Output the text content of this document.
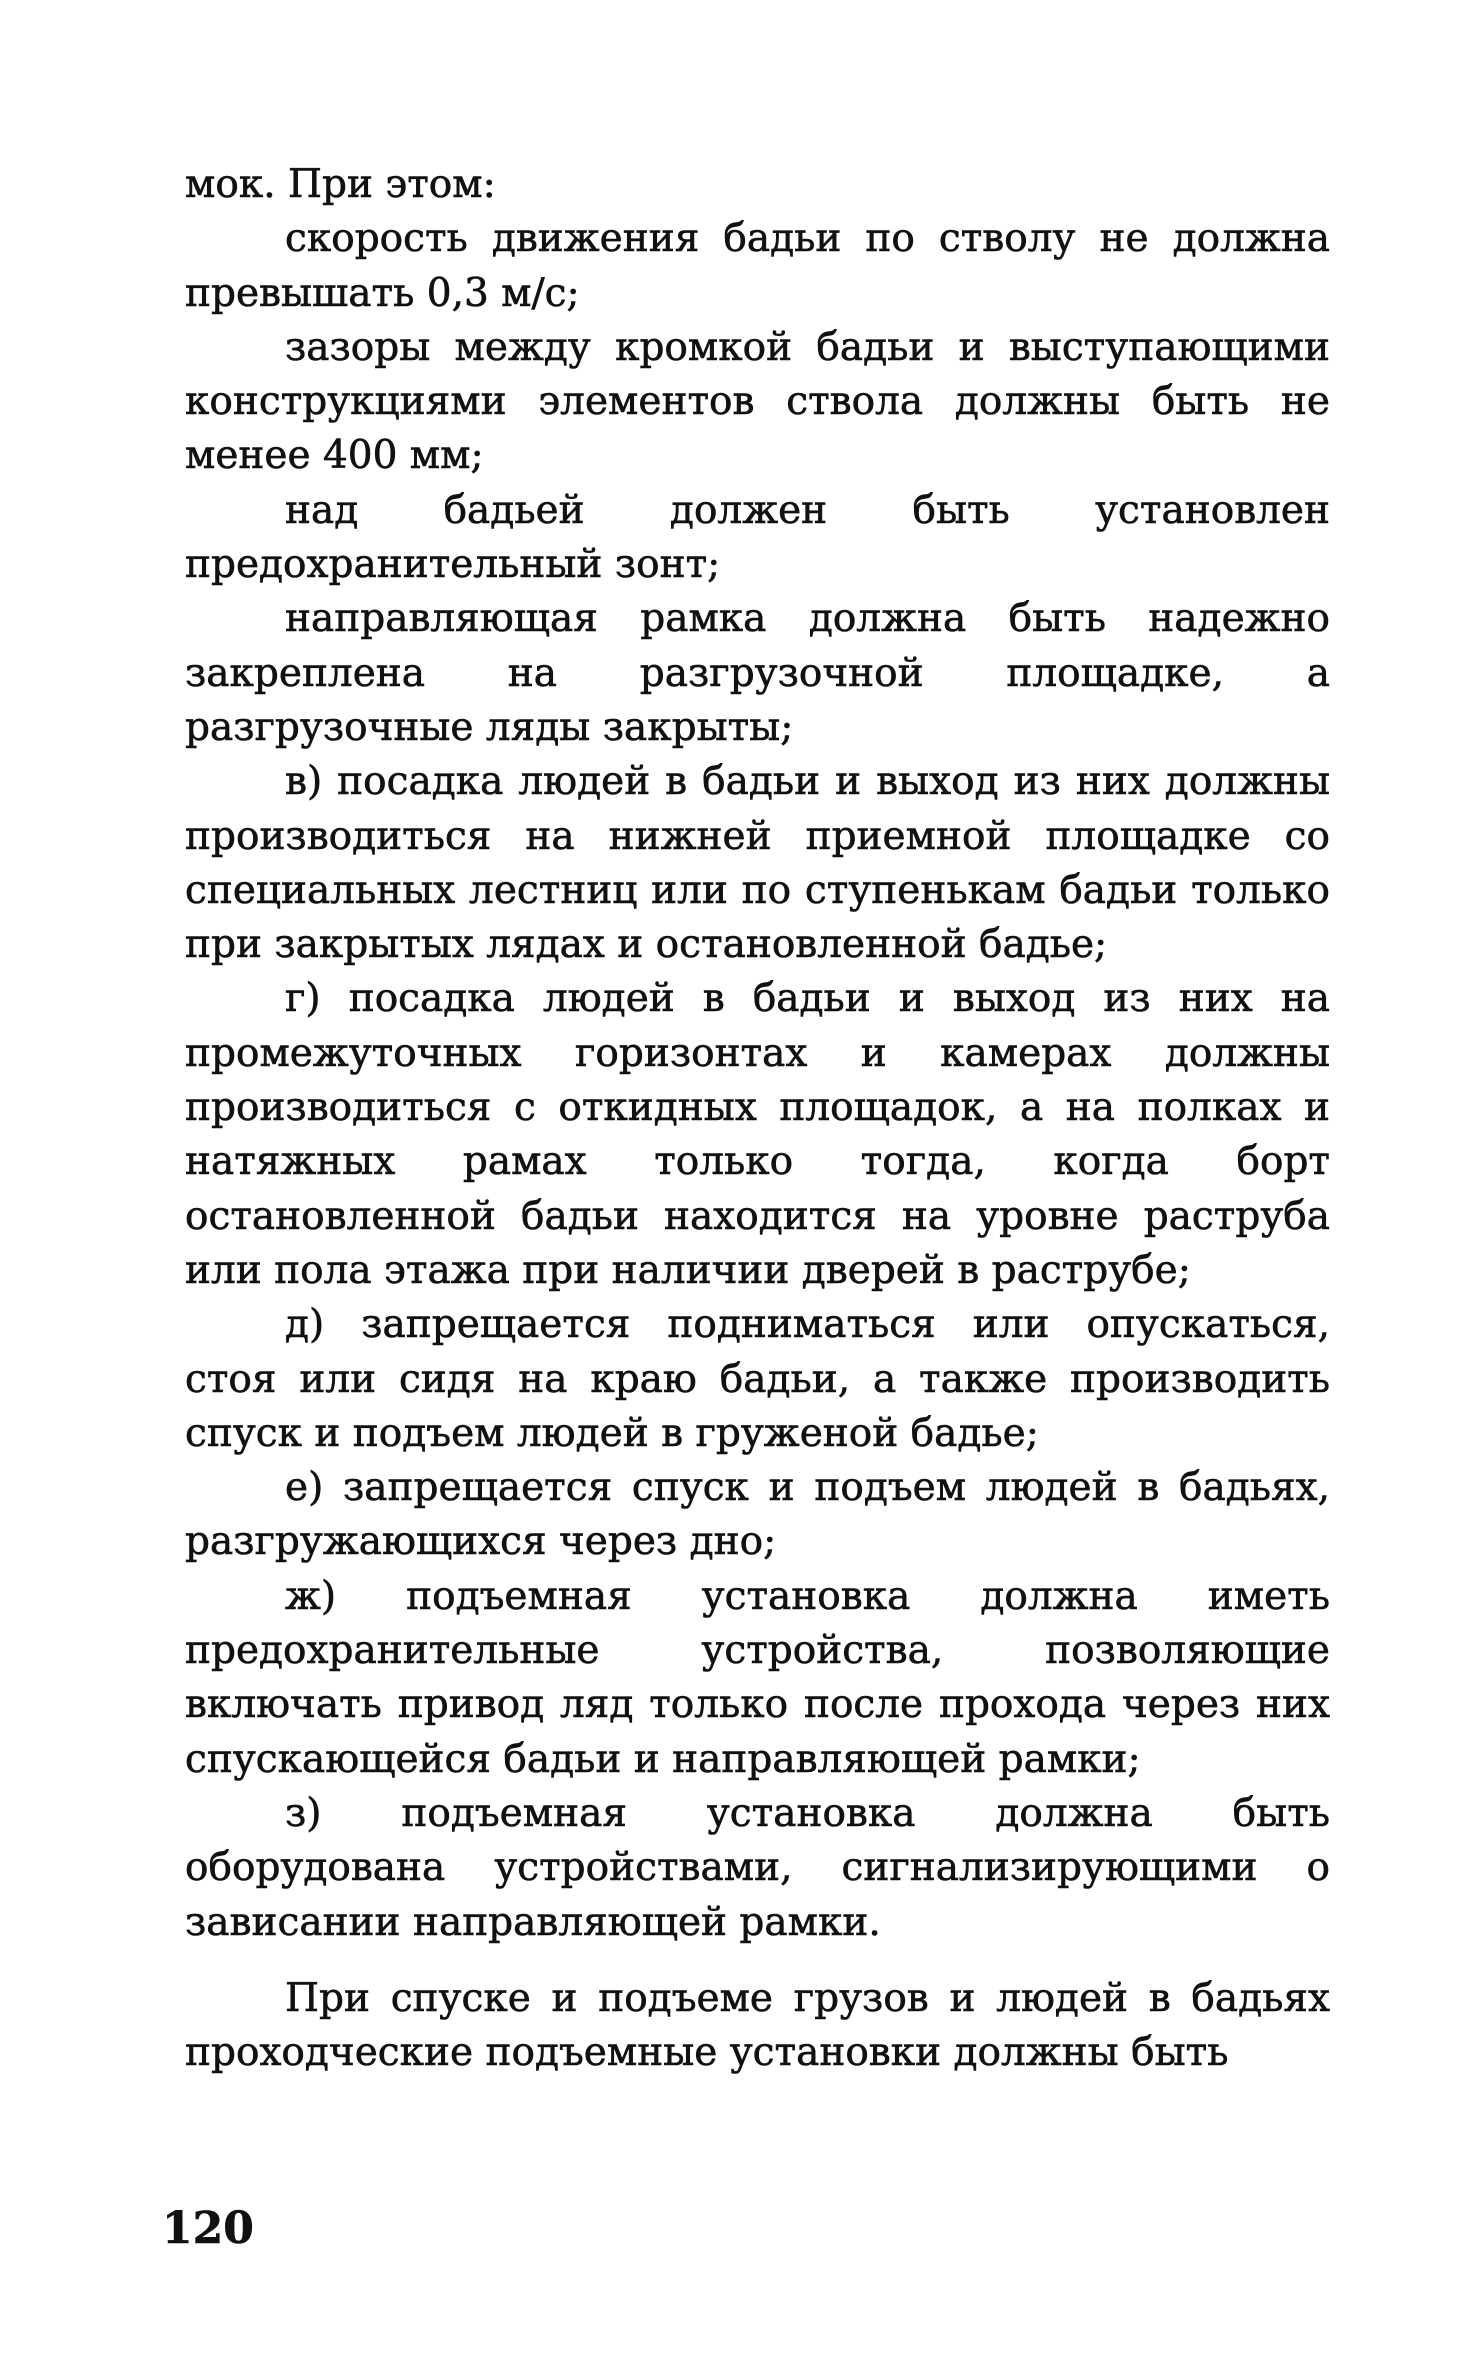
мок. При этом:

скорость движения бадьи по стволу не должна превышать 0,3 м/с;

зазоры между кромкой бадьи и выступающими конструкциями элементов ствола должны быть не менее 400 мм;

над бадьей должен быть установлен предохранительный зонт;

направляющая рамка должна быть надежно закреплена на разгрузочной площадке, а разгрузочные ляды закрыты;

в) посадка людей в бадьи и выход из них должны производиться на нижней приемной площадке со специальных лестниц или по ступенькам бадьи только при закрытых лядах и остановленной бадье;

г) посадка людей в бадьи и выход из них на промежуточных горизонтах и камерах должны производиться с откидных площадок, а на полках и натяжных рамах только тогда, когда борт остановленной бадьи находится на уровне раструба или пола этажа при наличии дверей в раструбе;

д) запрещается подниматься или опускаться, стоя или сидя на краю бадьи, а также производить спуск и подъем людей в груженой бадье;

е) запрещается спуск и подъем людей в бадьях, разгружающихся через дно;

ж) подъемная установка должна иметь предохранительные устройства, позволяющие включать привод ляд только после прохода через них спускающейся бадьи и направляющей рамки;

з) подъемная установка должна быть оборудована устройствами, сигнализирующими о зависании направляющей рамки.

При спуске и подъеме грузов и людей в бадьях проходческие подъемные установки должны быть

120
